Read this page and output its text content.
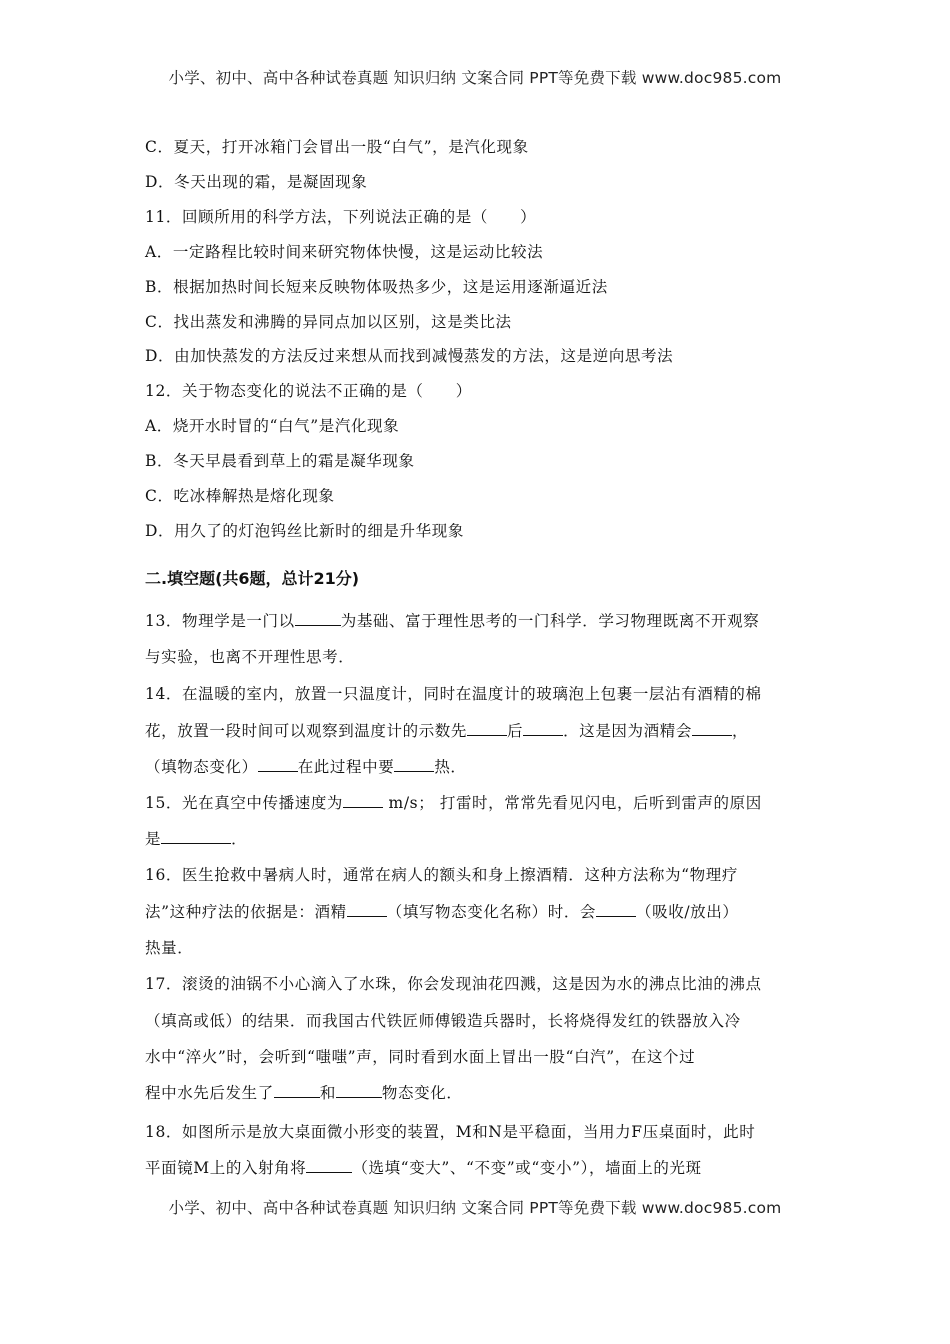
小学、初中、高中各种试卷真题 知识归纳 文案合同 PPT等免费下载 www.doc985.com
C．夏天，打开冰箱门会冒出一股“白气”，是汽化现象
D．冬天出现的霜，是凝固现象
11．回顾所用的科学方法，下列说法正确的是（　　）
A．一定路程比较时间来研究物体快慢，这是运动比较法
B．根据加热时间长短来反映物体吸热多少，这是运用逐渐逼近法
C．找出蒸发和沸腾的异同点加以区别，这是类比法
D．由加快蒸发的方法反过来想从而找到减慢蒸发的方法，这是逆向思考法
12．关于物态变化的说法不正确的是（　　）
A．烧开水时冒的“白气”是汽化现象
B．冬天早晨看到草上的霜是凝华现象
C．吃冰棒解热是熔化现象
D．用久了的灯泡钨丝比新时的细是升华现象
二.填空题(共6题，总计21分)
13．物理学是一门以	为基础、富于理性思考的一门科学．学习物理既离不开观察
与实验，也离不开理性思考．
14．在温暖的室内，放置一只温度计，同时在温度计的玻璃泡上包裹一层沾有酒精的棉
花，放置一段时间可以观察到温度计的示数先	后	．这是因为酒精会	，
（填物态变化）	在此过程中要	热．
15．光在真空中传播速度为	m/s； 打雷时，常常先看见闪电，后听到雷声的原因
是	．
16．医生抢救中暑病人时，通常在病人的额头和身上擦酒精．这种方法称为“物理疗
法”这种疗法的依据是：酒精	（填写物态变化名称）时．会	（吸收/放出）
热量．
17．滚烫的油锅不小心滴入了水珠，你会发现油花四溅，这是因为水的沸点比油的沸点
（填高或低）的结果．而我国古代铁匠师傅锻造兵器时，长将烧得发红的铁器放入冷
水中“淬火”时，会听到“嗤嗤”声，同时看到水面上冒出一股“白汽”，在这个过
程中水先后发生了	和	物态变化．
18．如图所示是放大桌面微小形变的装置，M和N是平稳面，当用力F压桌面时，此时
平面镜M上的入射角将	（选填“变大”、“不变”或“变小”），墙面上的光斑
小学、初中、高中各种试卷真题 知识归纳 文案合同 PPT等免费下载 www.doc985.com
